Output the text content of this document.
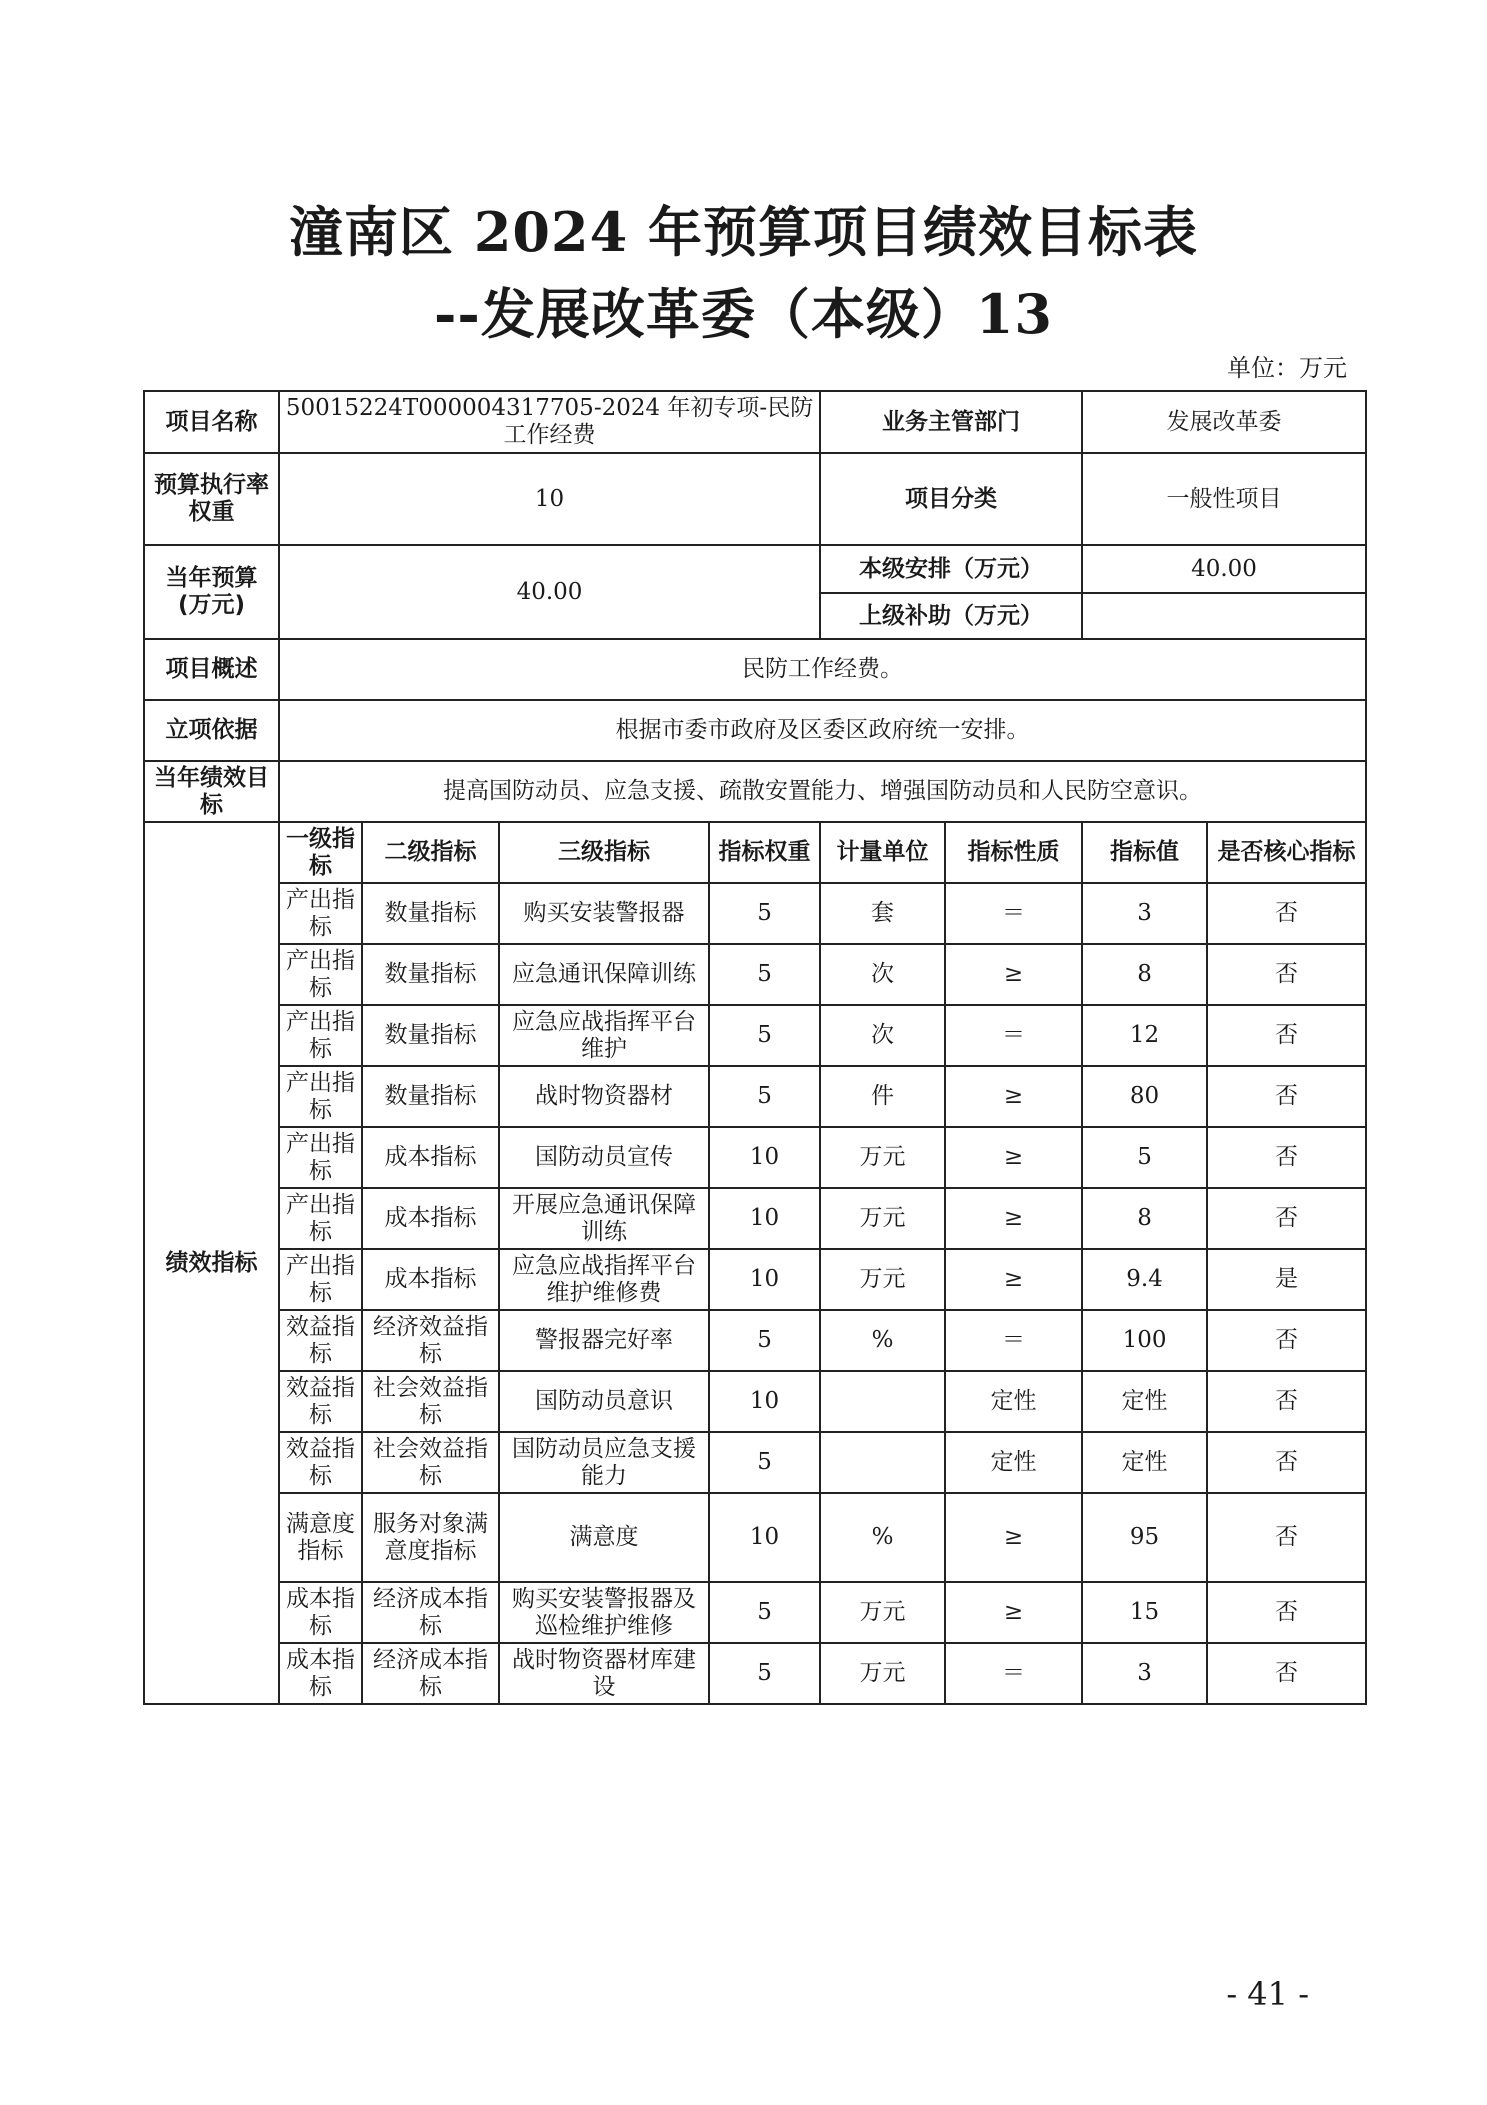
潼南区 2024 年预算项目绩效目标表
--发展改革委（本级）13
单位：万元
项目名称	50015224T000004317705-2024 年初专项-民防工作经费				业务主管部门		发展改革委	
预算执行率权重	10				项目分类		一般性项目	
当年预算(万元)	40.00				本级安排（万元）		40.00	
					上级补助（万元）			
项目概述	民防工作经费。							
立项依据	根据市委市政府及区委区政府统一安排。							
当年绩效目标	提高国防动员、应急支援、疏散安置能力、增强国防动员和人民防空意识。							
绩效指标	一级指标	二级指标	三级指标	指标权重	计量单位	指标性质	指标值	是否核心指标
	产出指标	数量指标	购买安装警报器	5	套	＝	3	否
	产出指标	数量指标	应急通讯保障训练	5	次	≥	8	否
	产出指标	数量指标	应急应战指挥平台维护	5	次	＝	12	否
	产出指标	数量指标	战时物资器材	5	件	≥	80	否
	产出指标	成本指标	国防动员宣传	10	万元	≥	5	否
	产出指标	成本指标	开展应急通讯保障训练	10	万元	≥	8	否
	产出指标	成本指标	应急应战指挥平台维护维修费	10	万元	≥	9.4	是
	效益指标	经济效益指标	警报器完好率	5	%	＝	100	否
	效益指标	社会效益指标	国防动员意识	10		定性	定性	否
	效益指标	社会效益指标	国防动员应急支援能力	5		定性	定性	否
	满意度指标	服务对象满意度指标	满意度	10	%	≥	95	否
	成本指标	经济成本指标	购买安装警报器及巡检维护维修	5	万元	≥	15	否
	成本指标	经济成本指标	战时物资器材库建设	5	万元	＝	3	否
- 41 -
